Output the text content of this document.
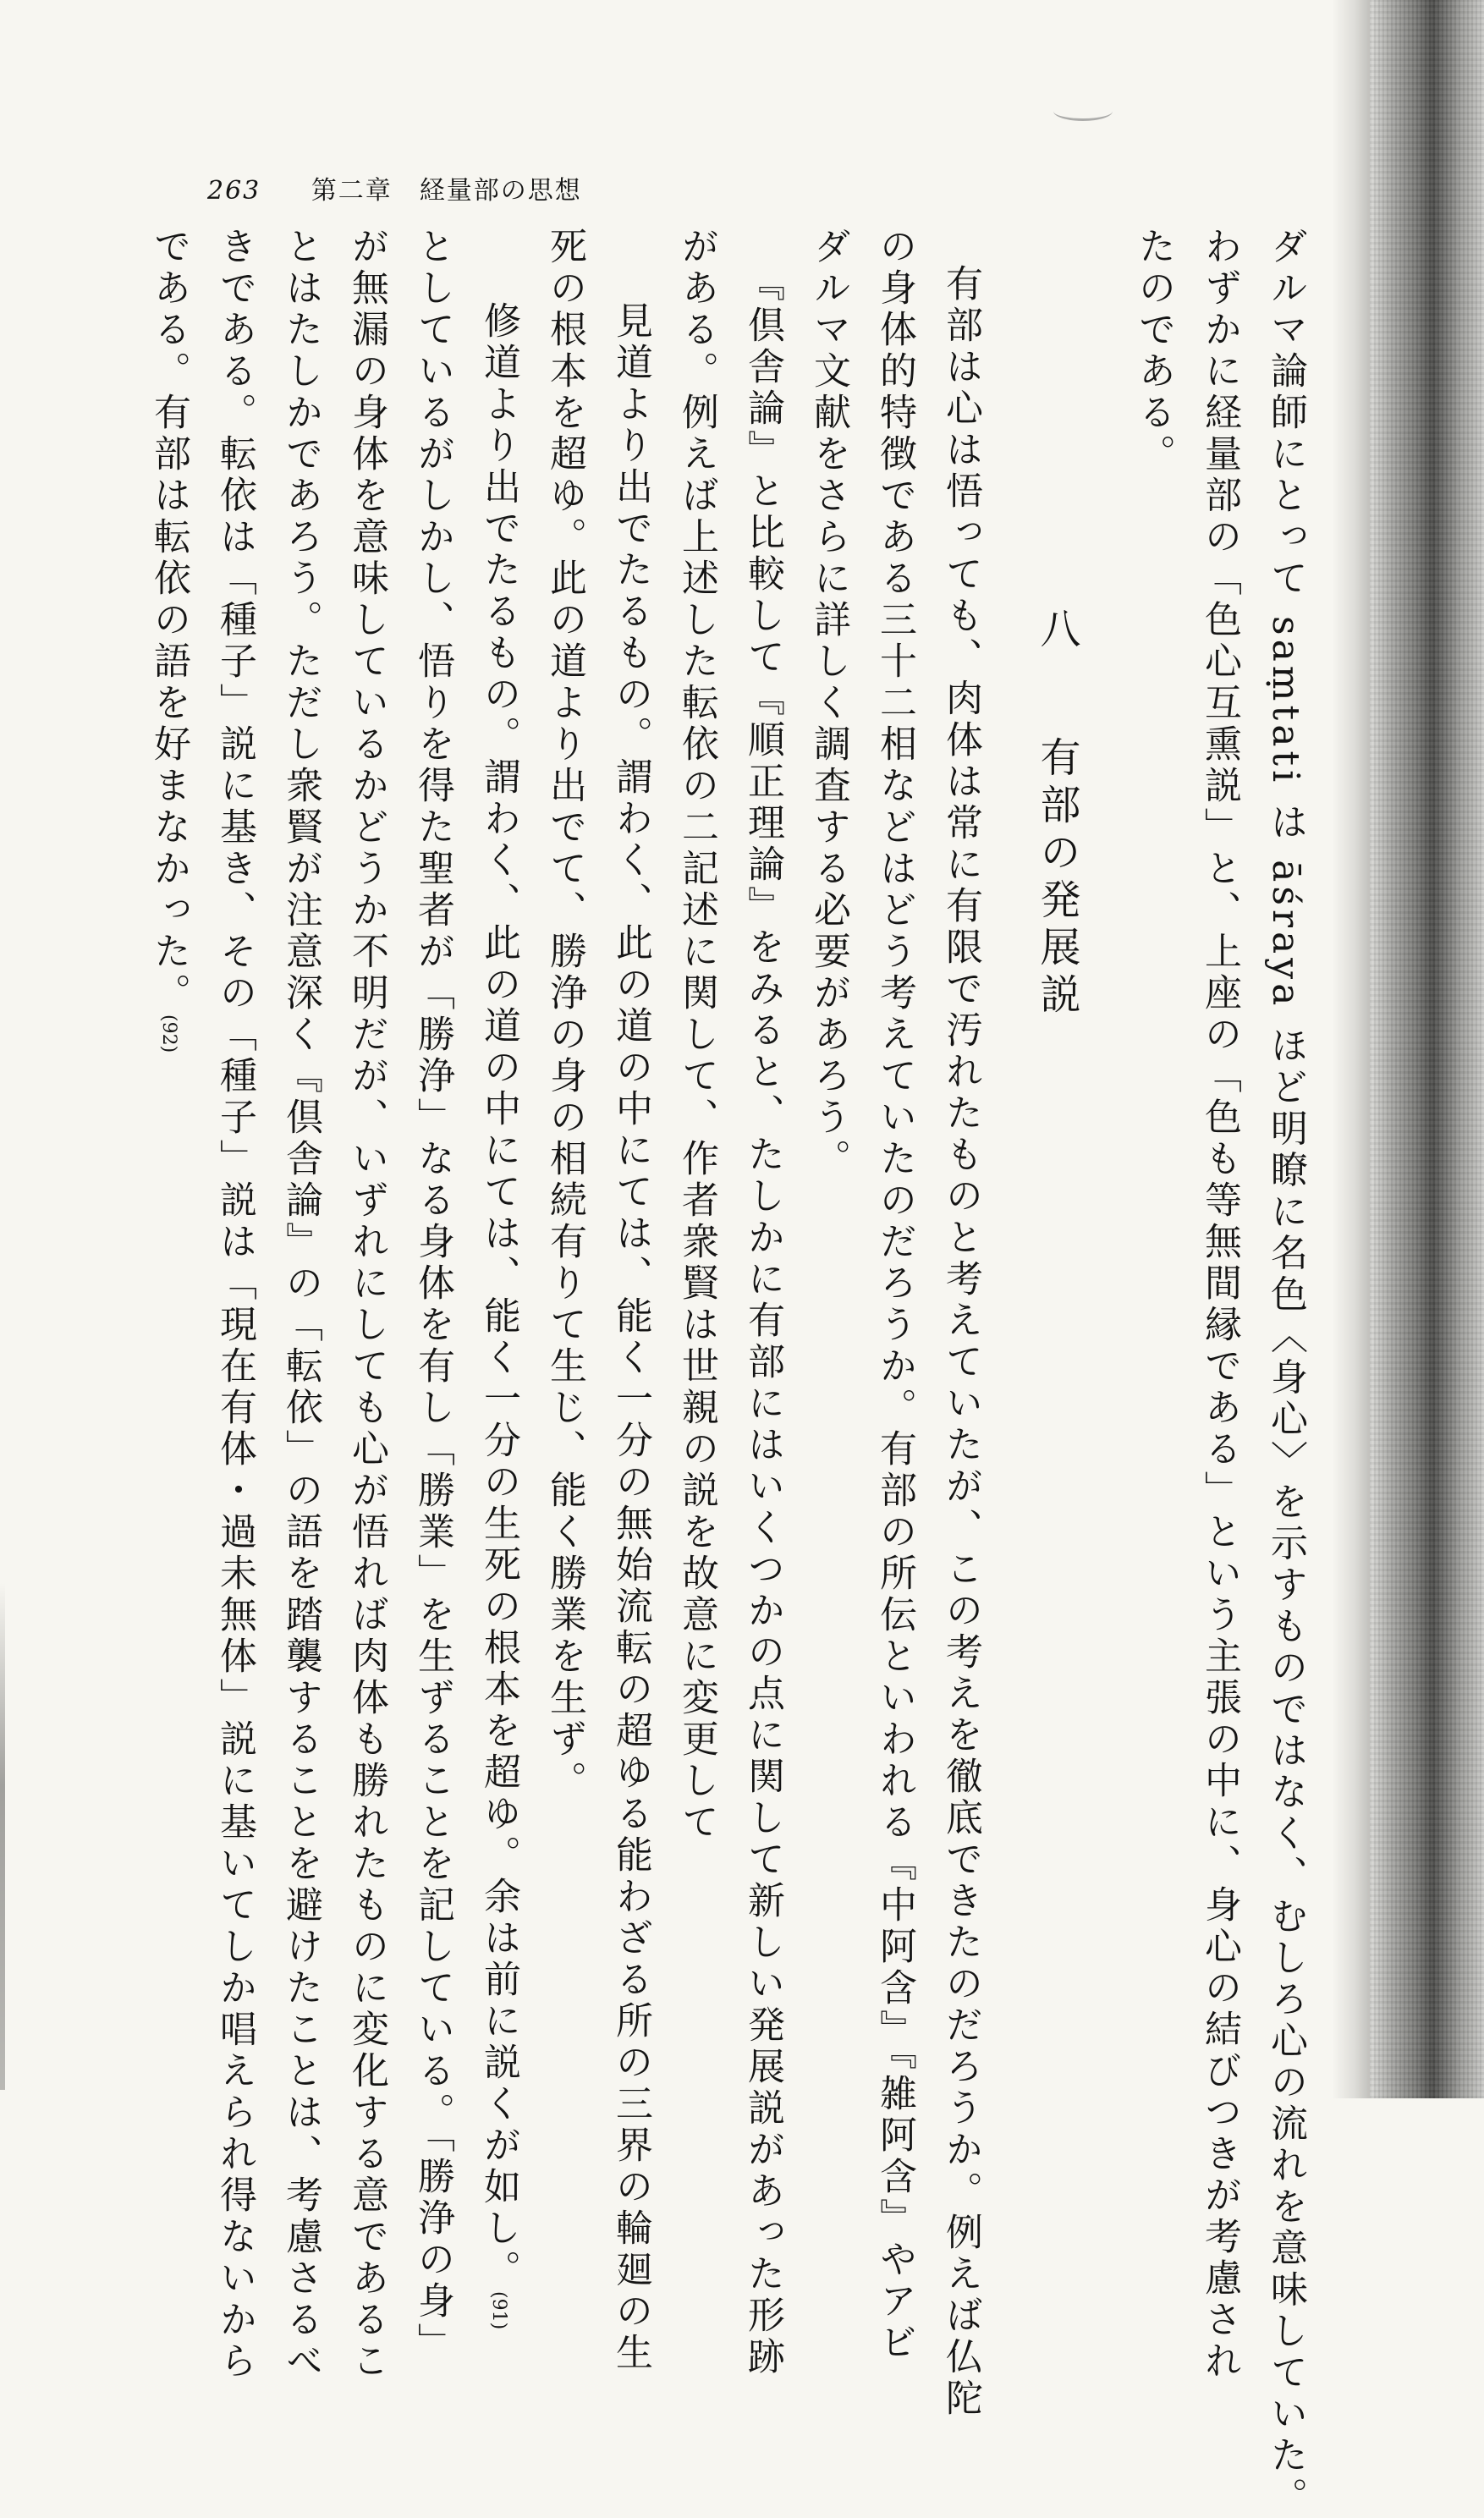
263 第二章　経量部の思想
ダルマ論師にとって saṃtati は āśraya ほど明瞭に名色〈身心〉を示すものではなく、むしろ心の流れを意味していた。
わずかに経量部の「色心互熏説」と、上座の「色も等無間縁である」という主張の中に、身心の結びつきが考慮され
たのである。
八　有部の発展説
有部は心は悟っても、肉体は常に有限で汚れたものと考えていたが、この考えを徹底できたのだろうか。例えば仏陀
の身体的特徴である三十二相などはどう考えていたのだろうか。有部の所伝といわれる『中阿含』『雑阿含』やアビ
ダルマ文献をさらに詳しく調査する必要があろう。
『倶舎論』と比較して『順正理論』をみると、たしかに有部にはいくつかの点に関して新しい発展説があった形跡
がある。例えば上述した転依の二記述に関して、作者衆賢は世親の説を故意に変更して
見道より出でたるもの。謂わく、此の道の中にては、能く一分の無始流転の超ゆる能わざる所の三界の輪廻の生
死の根本を超ゆ。此の道より出でて、勝浄の身の相続有りて生じ、能く勝業を生ず。
修道より出でたるもの。謂わく、此の道の中にては、能く一分の生死の根本を超ゆ。余は前に説くが如し。(91)
としているがしかし、悟りを得た聖者が「勝浄」なる身体を有し「勝業」を生ずることを記している。「勝浄の身」
が無漏の身体を意味しているかどうか不明だが、いずれにしても心が悟れば肉体も勝れたものに変化する意であるこ
とはたしかであろう。ただし衆賢が注意深く『倶舎論』の「転依」の語を踏襲することを避けたことは、考慮さるべ
きである。転依は「種子」説に基き、その「種子」説は「現在有体・過未無体」説に基いてしか唱えられ得ないから
である。有部は転依の語を好まなかった。(92)
